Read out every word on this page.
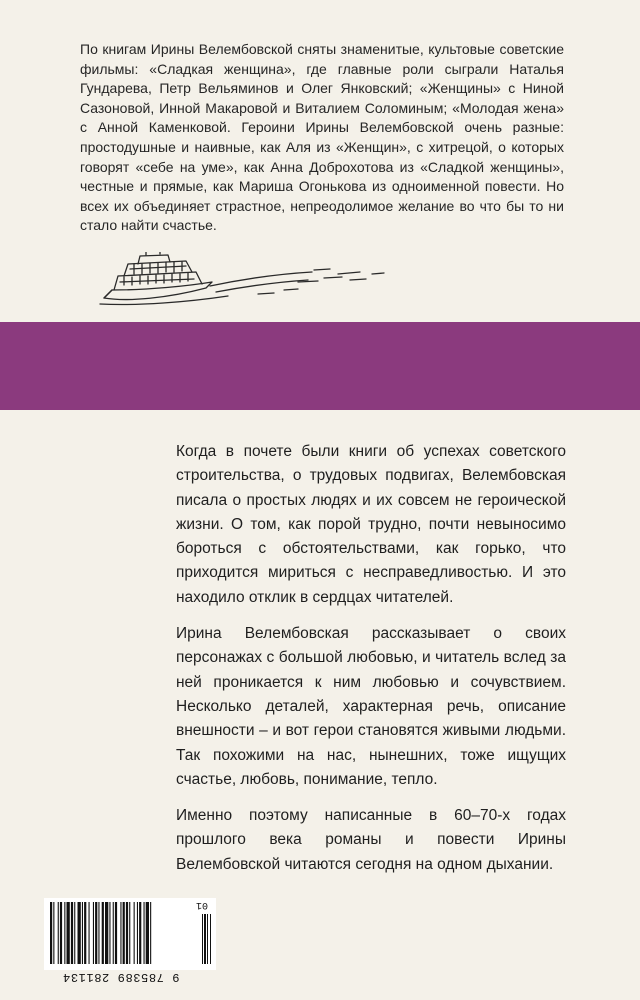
По книгам Ирины Велембовской сняты знаменитые, культовые советские фильмы: «Сладкая женщина», где главные роли сыграли Наталья Гундарева, Петр Вельяминов и Олег Янковский; «Женщины» с Ниной Сазоновой, Инной Макаровой и Виталием Соломиным; «Молодая жена» с Анной Каменковой. Героини Ирины Велембовской очень разные: простодушные и наивные, как Аля из «Женщин», с хитрецой, о которых говорят «себе на уме», как Анна Доброхотова из «Сладкой женщины», честные и прямые, как Мариша Огонькова из одноименной повести. Но всех их объединяет страстное, непреодолимое желание во что бы то ни стало найти счастье.

Когда в почете были книги об успехах советского строительства, о трудовых подвигах, Велембовская писала о простых людях и их совсем не героической жизни. О том, как порой трудно, почти невыносимо бороться с обстоятельствами, как горько, что приходится мириться с несправедливостью. И это находило отклик в сердцах читателей.

Ирина Велембовская рассказывает о своих персонажах с большой любовью, и читатель вслед за ней проникается к ним любовью и сочувствием. Несколько деталей, характерная речь, описание внешности – и вот герои становятся живыми людьми. Так похожими на нас, нынешних, тоже ищущих счастье, любовь, понимание, тепло.

Именно поэтому написанные в 60–70-х годах прошлого века романы и повести Ирины Велембовской читаются сегодня на одном дыхании.

9 785389 281134
01
